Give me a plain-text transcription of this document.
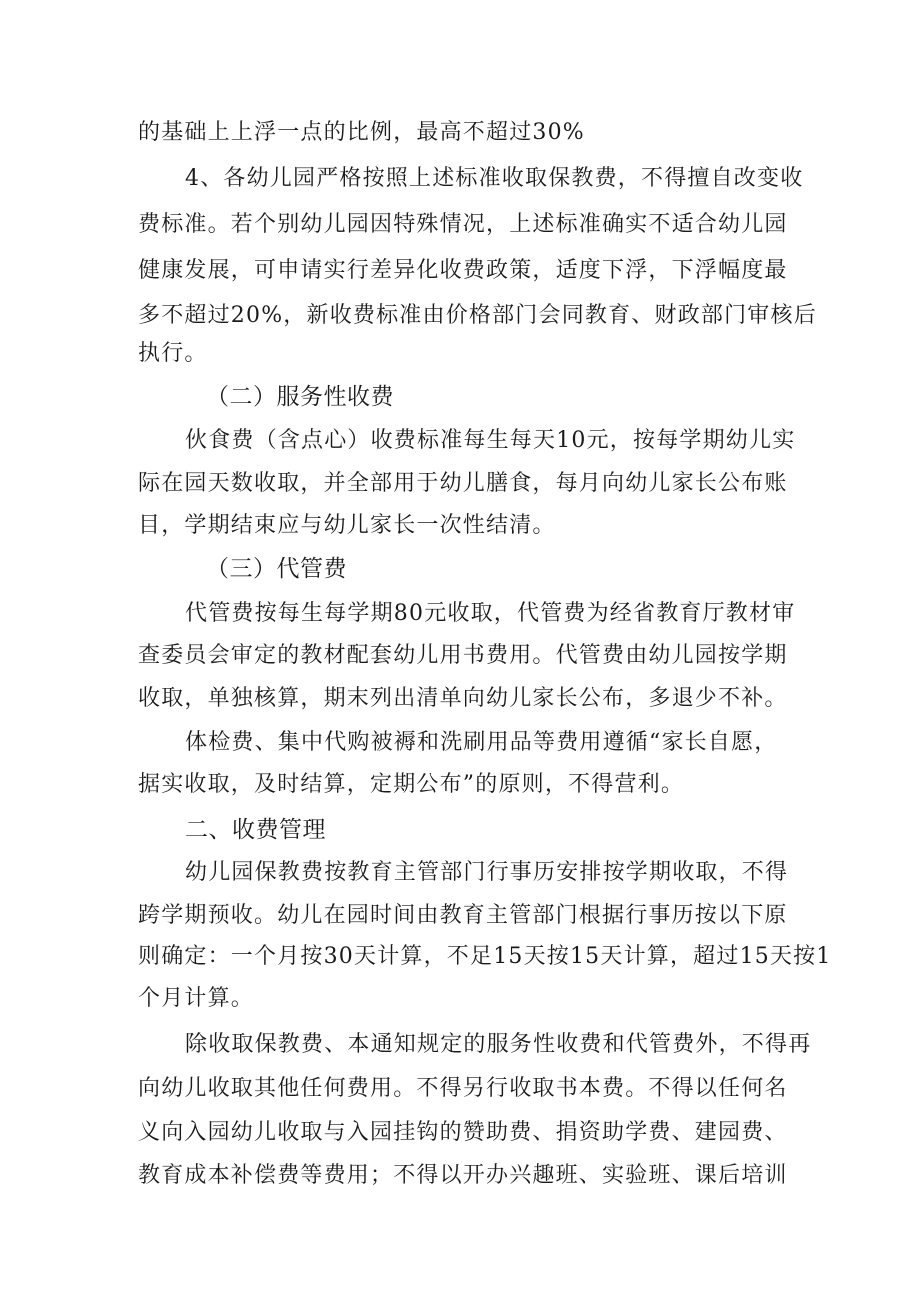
的基础上上浮一点的比例，最高不超过30%
4、各幼儿园严格按照上述标准收取保教费，不得擅自改变收
费标准。若个别幼儿园因特殊情况，上述标准确实不适合幼儿园
健康发展，可申请实行差异化收费政策，适度下浮，下浮幅度最
多不超过20%，新收费标准由价格部门会同教育、财政部门审核后
执行。
（二）服务性收费
伙食费（含点心）收费标准每生每天10元，按每学期幼儿实
际在园天数收取，并全部用于幼儿膳食，每月向幼儿家长公布账
目，学期结束应与幼儿家长一次性结清。
（三）代管费
代管费按每生每学期80元收取，代管费为经省教育厅教材审
查委员会审定的教材配套幼儿用书费用。代管费由幼儿园按学期
收取，单独核算，期末列出清单向幼儿家长公布，多退少不补。
体检费、集中代购被褥和洗刷用品等费用遵循“家长自愿，
据实收取，及时结算，定期公布”的原则，不得营利。
二、收费管理
幼儿园保教费按教育主管部门行事历安排按学期收取，不得
跨学期预收。幼儿在园时间由教育主管部门根据行事历按以下原
则确定：一个月按30天计算，不足15天按15天计算，超过15天按1
个月计算。
除收取保教费、本通知规定的服务性收费和代管费外，不得再
向幼儿收取其他任何费用。不得另行收取书本费。不得以任何名
义向入园幼儿收取与入园挂钩的赞助费、捐资助学费、建园费、
教育成本补偿费等费用；不得以开办兴趣班、实验班、课后培训
